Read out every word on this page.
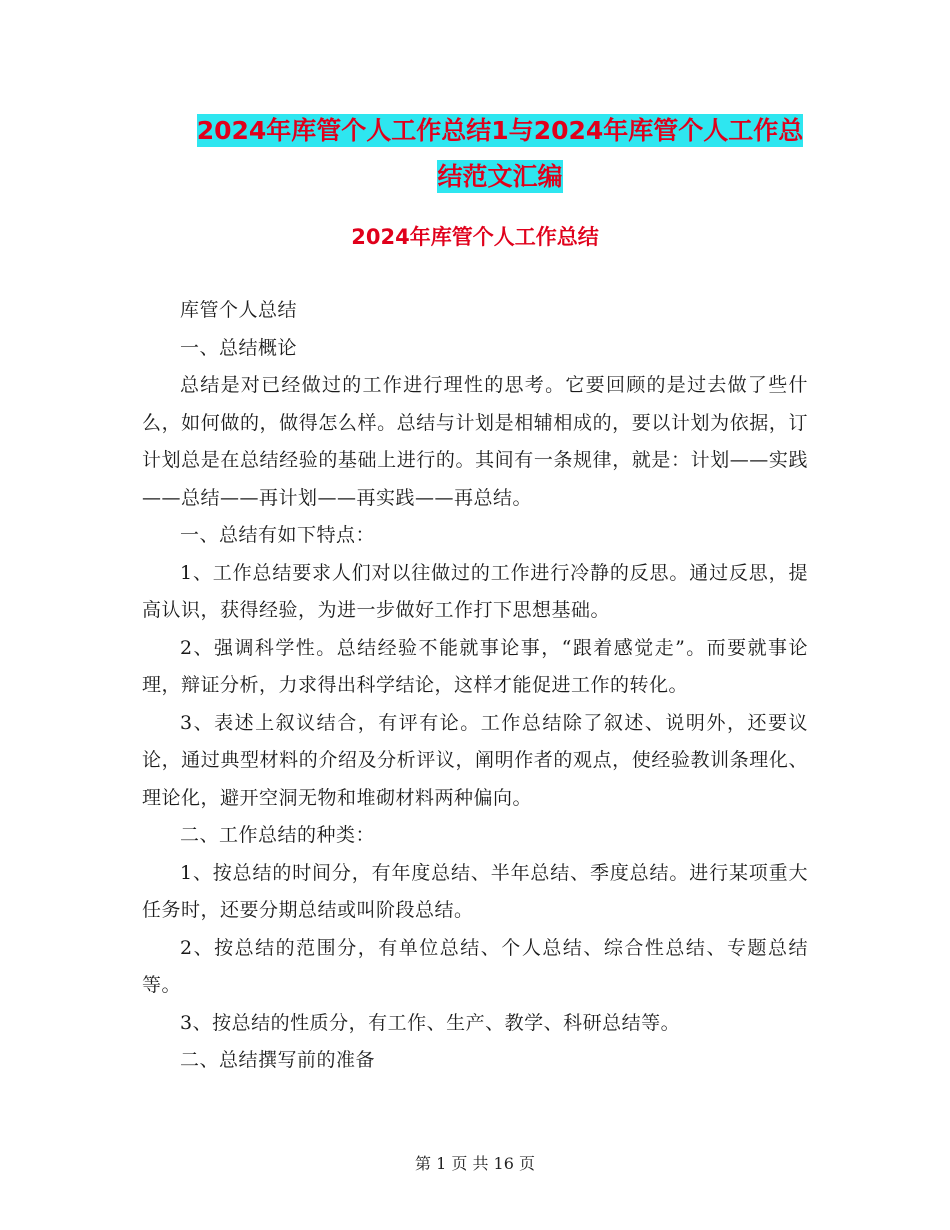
2024年库管个人工作总结1与2024年库管个人工作总
结范文汇编
2024年库管个人工作总结

库管个人总结

一、总结概论

总结是对已经做过的工作进行理性的思考。它要回顾的是过去做了些什么，如何做的，做得怎么样。总结与计划是相辅相成的，要以计划为依据，订计划总是在总结经验的基础上进行的。其间有一条规律，就是：计划——实践——总结——再计划——再实践——再总结。

一、总结有如下特点：

1、工作总结要求人们对以往做过的工作进行冷静的反思。通过反思，提高认识，获得经验，为进一步做好工作打下思想基础。

2、强调科学性。总结经验不能就事论事，“跟着感觉走”。而要就事论理，辩证分析，力求得出科学结论，这样才能促进工作的转化。

3、表述上叙议结合，有评有论。工作总结除了叙述、说明外，还要议论，通过典型材料的介绍及分析评议，阐明作者的观点，使经验教训条理化、理论化，避开空洞无物和堆砌材料两种偏向。

二、工作总结的种类：

1、按总结的时间分，有年度总结、半年总结、季度总结。进行某项重大任务时，还要分期总结或叫阶段总结。

2、按总结的范围分，有单位总结、个人总结、综合性总结、专题总结等。

3、按总结的性质分，有工作、生产、教学、科研总结等。

二、总结撰写前的准备

第 1 页 共 16 页
